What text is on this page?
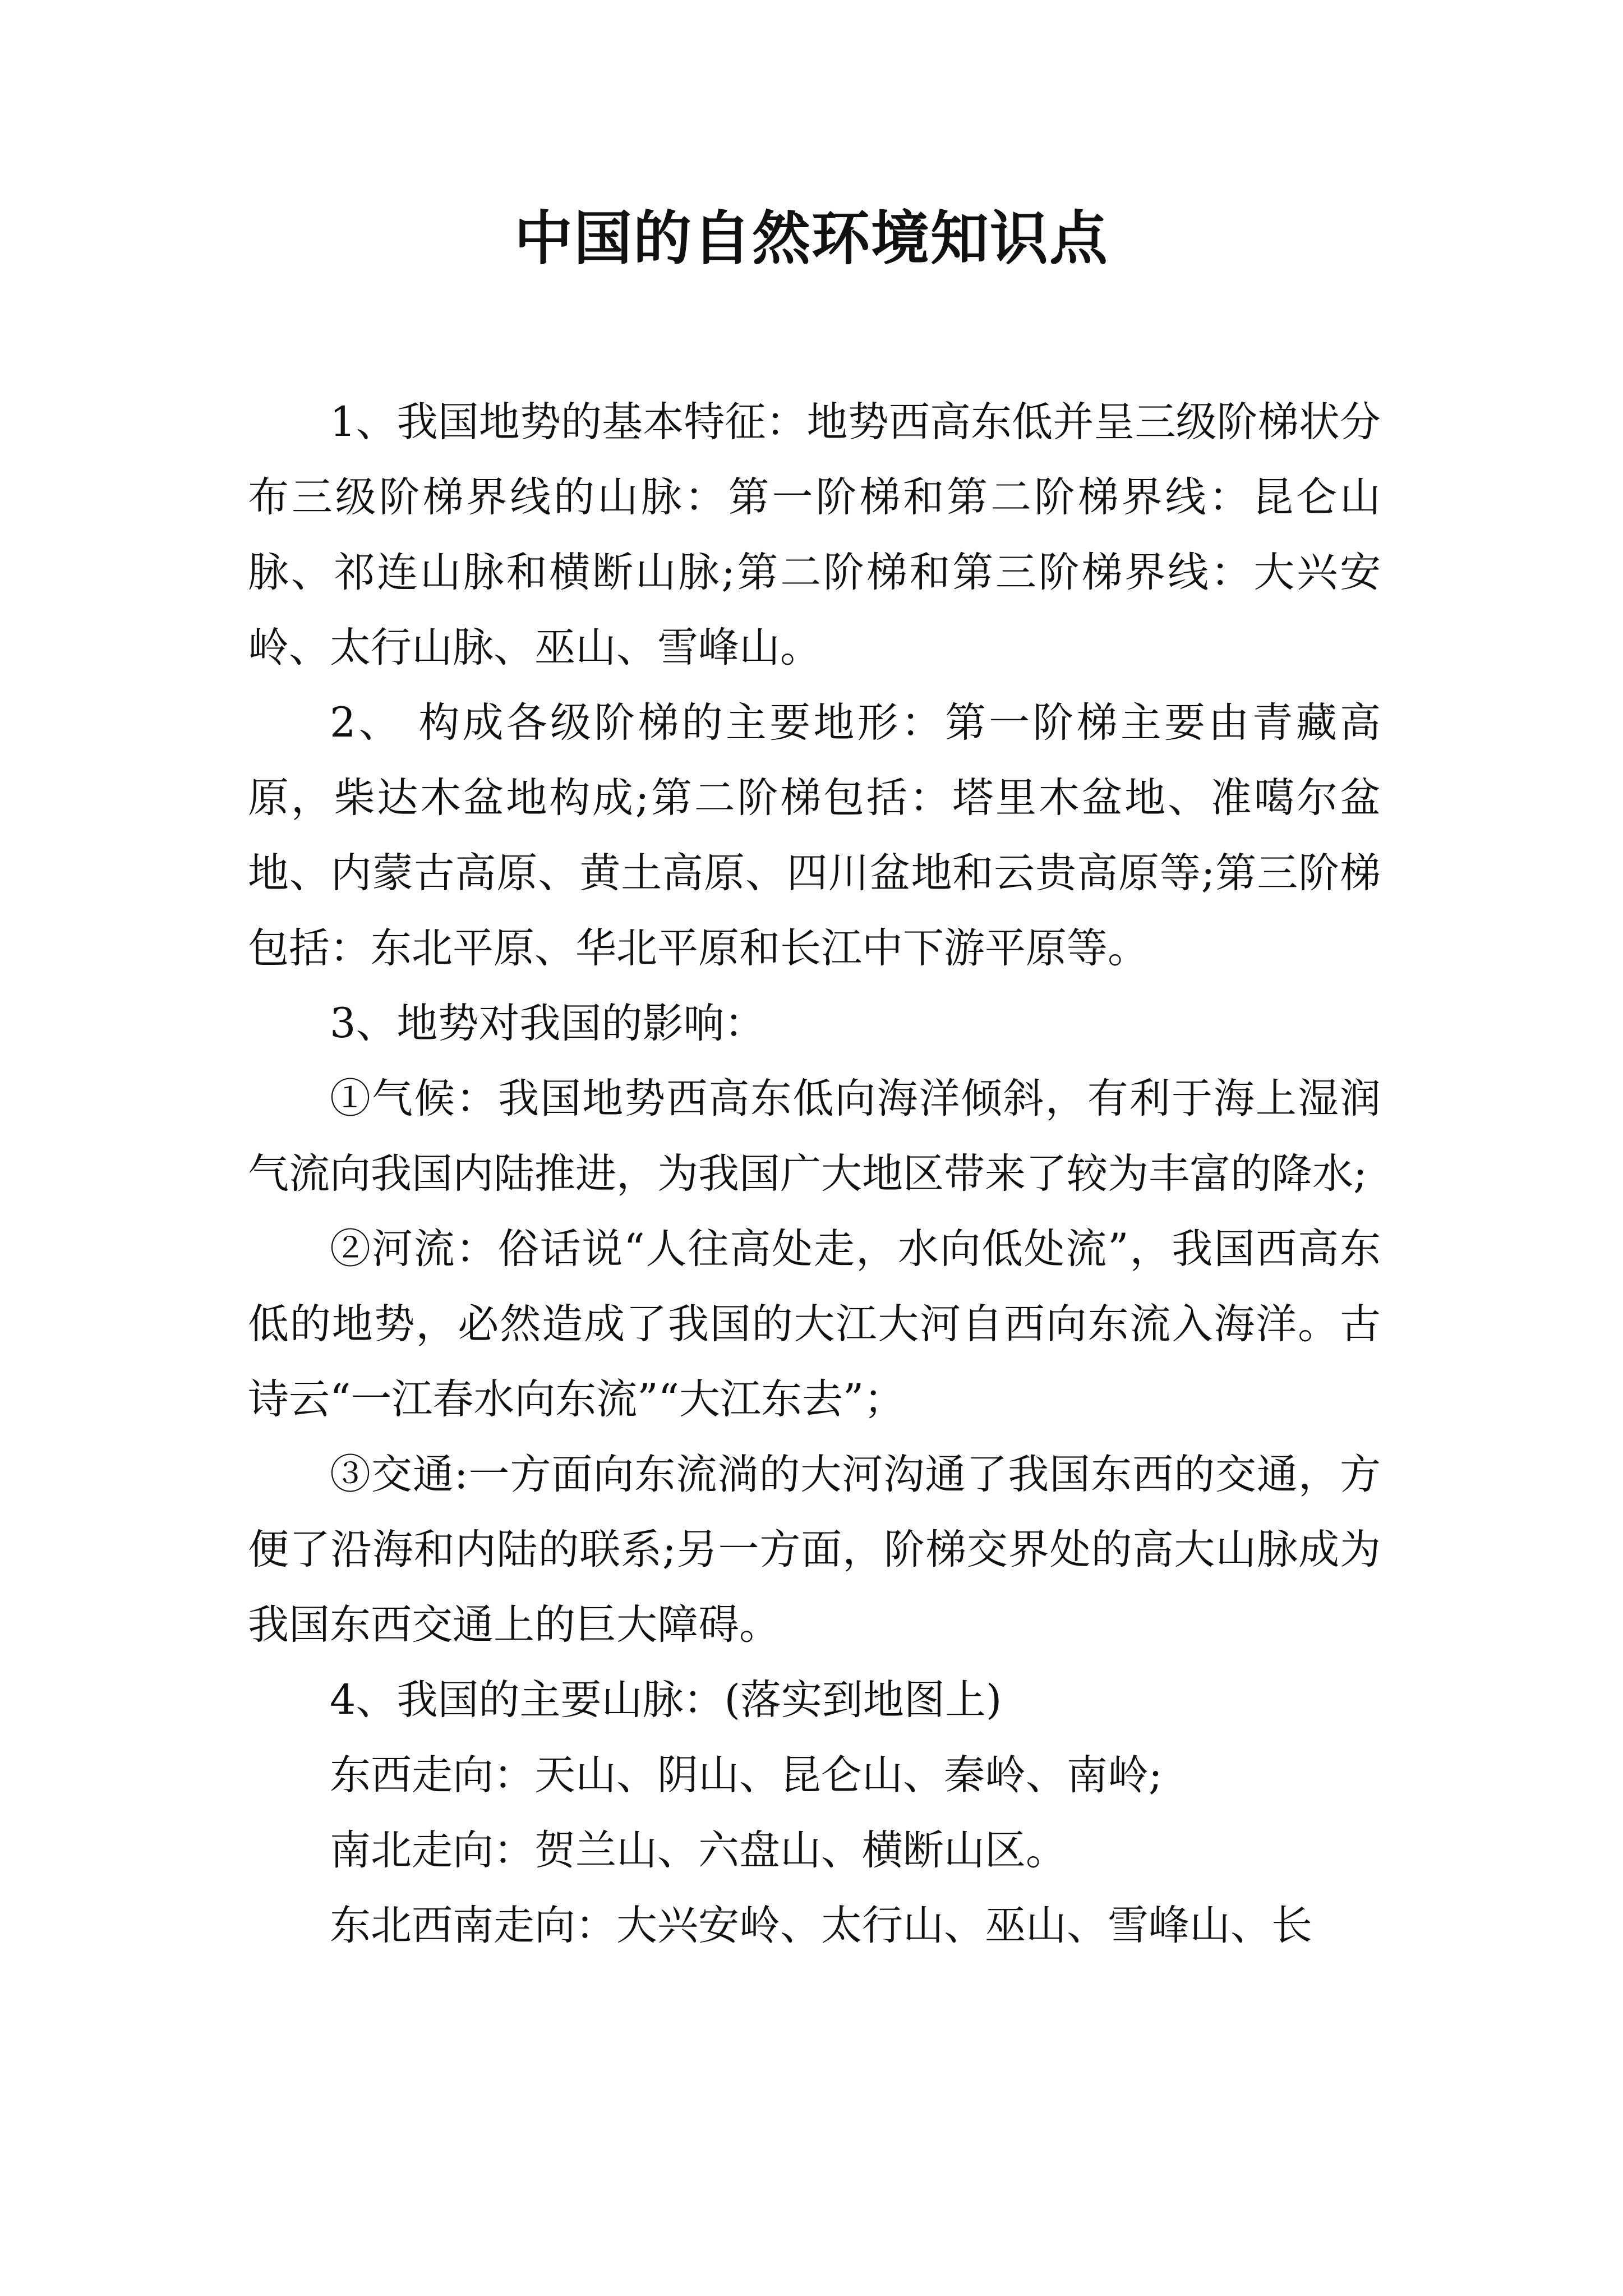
中国的自然环境知识点

1、我国地势的基本特征：地势西高东低并呈三级阶梯状分布三级阶梯界线的山脉：第一阶梯和第二阶梯界线：昆仑山脉、祁连山脉和横断山脉;第二阶梯和第三阶梯界线：大兴安岭、太行山脉、巫山、雪峰山。

2、 构成各级阶梯的主要地形：第一阶梯主要由青藏高原，柴达木盆地构成;第二阶梯包括：塔里木盆地、准噶尔盆地、内蒙古高原、黄土高原、四川盆地和云贵高原等;第三阶梯包括：东北平原、华北平原和长江中下游平原等。

3、地势对我国的影响：

①气候：我国地势西高东低向海洋倾斜，有利于海上湿润气流向我国内陆推进，为我国广大地区带来了较为丰富的降水;

②河流：俗话说“人往高处走，水向低处流”，我国西高东低的地势，必然造成了我国的大江大河自西向东流入海洋。古诗云“一江春水向东流”“大江东去”；

③交通:一方面向东流淌的大河沟通了我国东西的交通，方便了沿海和内陆的联系;另一方面，阶梯交界处的高大山脉成为我国东西交通上的巨大障碍。

4、我国的主要山脉：(落实到地图上)

东西走向：天山、阴山、昆仑山、秦岭、南岭;

南北走向：贺兰山、六盘山、横断山区。

东北西南走向：大兴安岭、太行山、巫山、雪峰山、长
